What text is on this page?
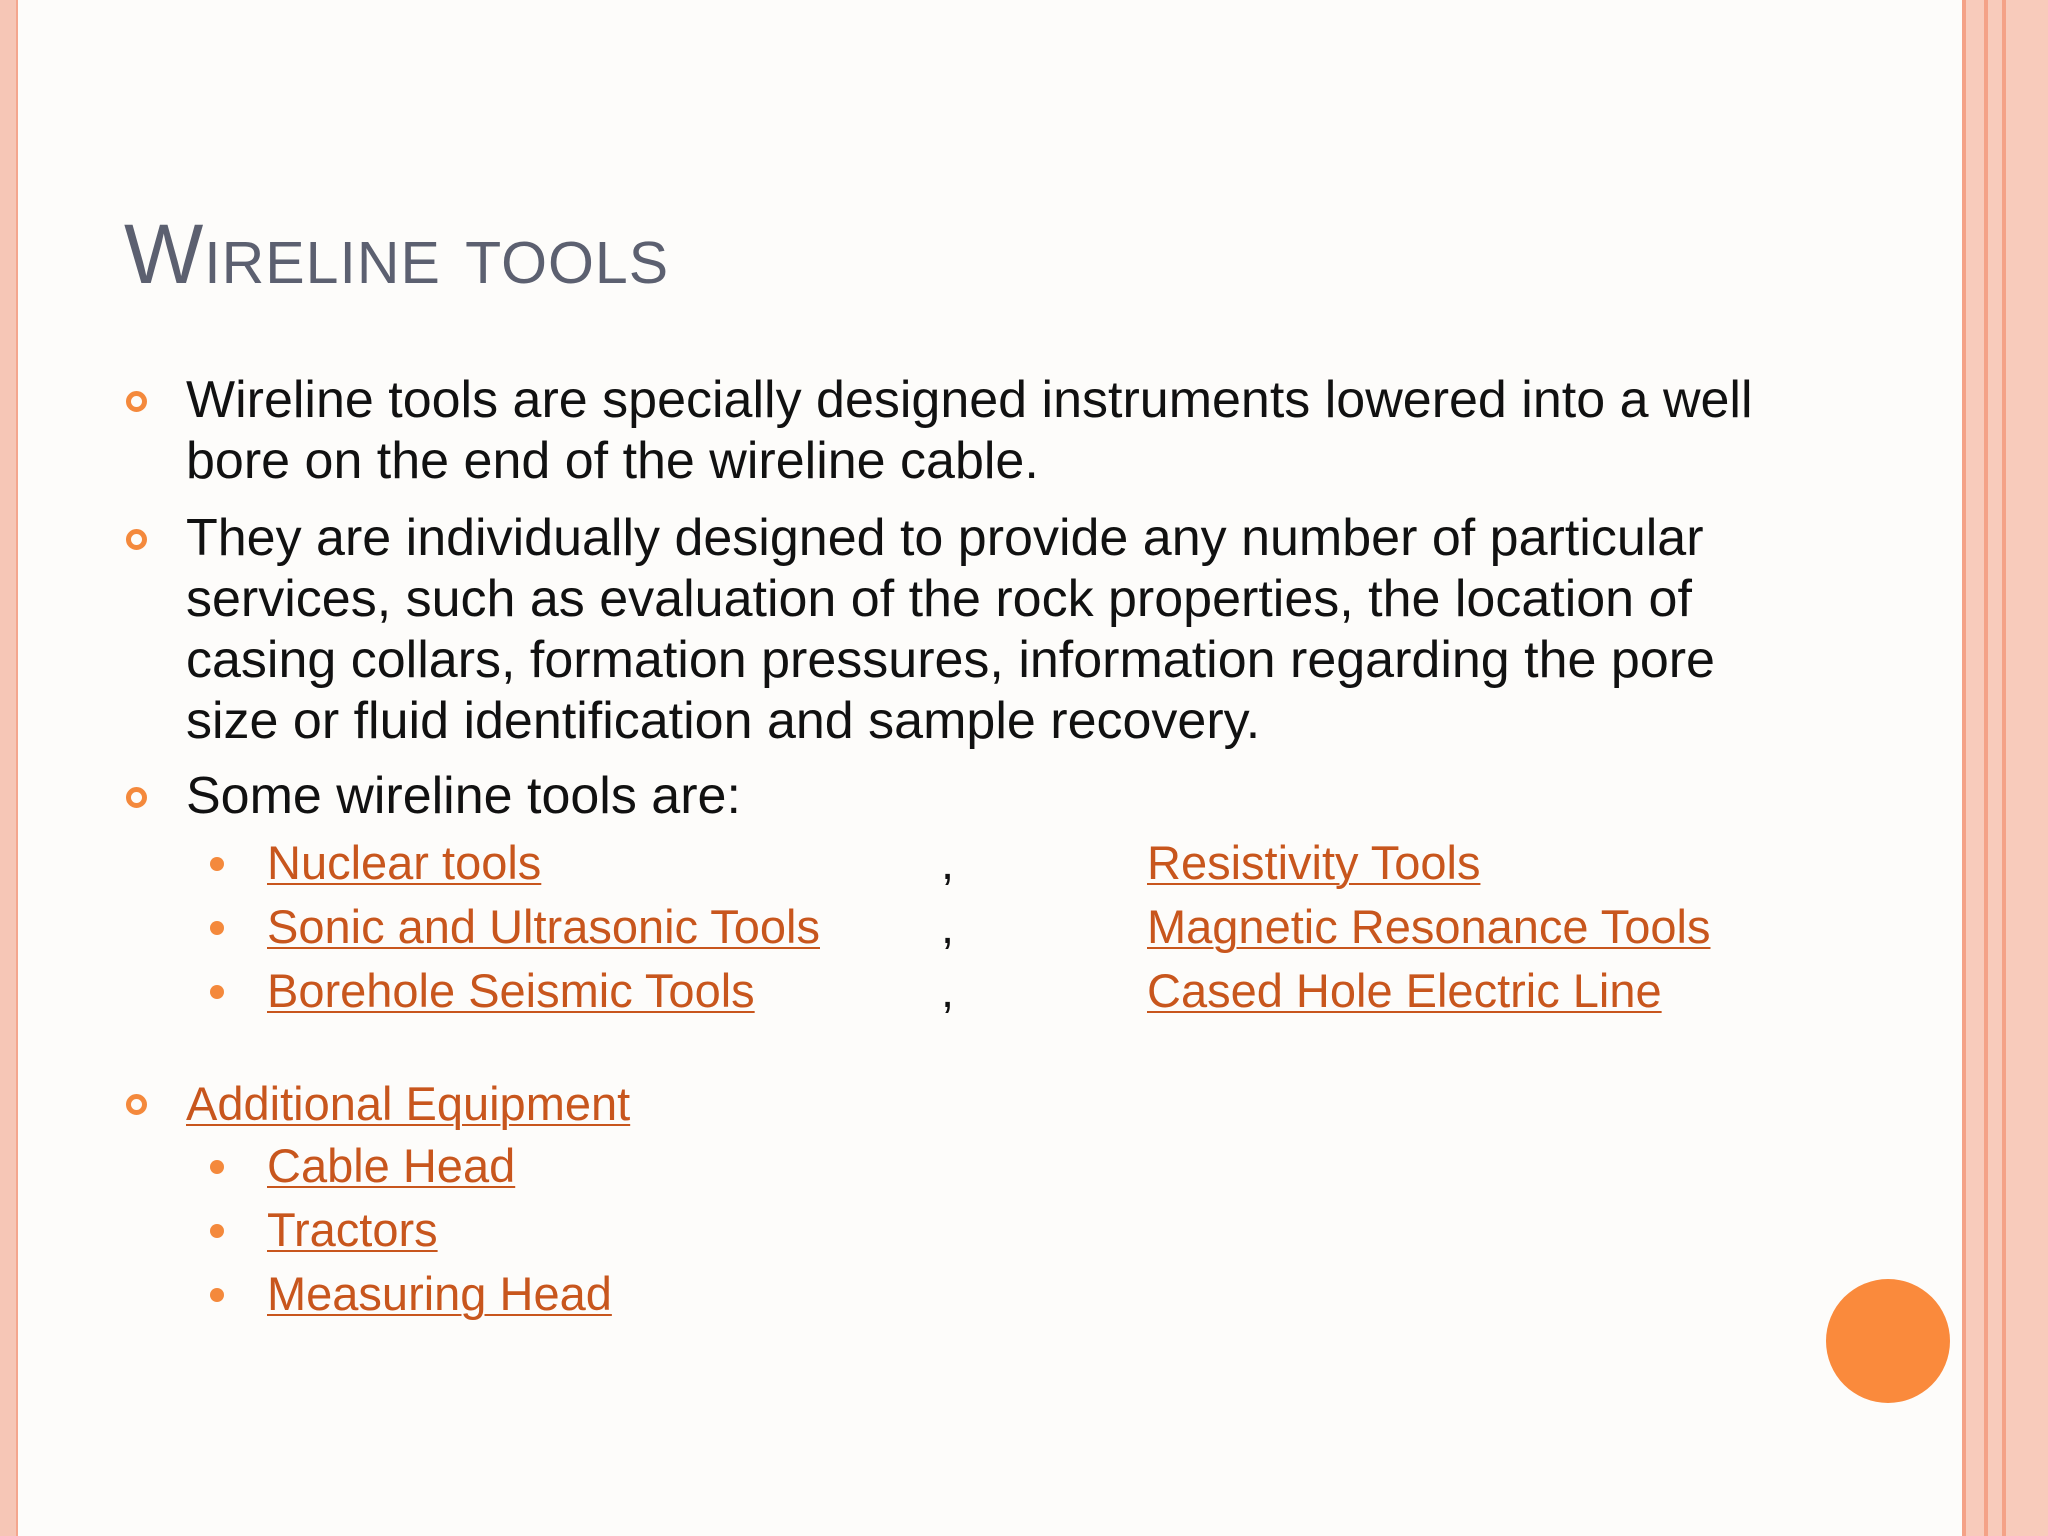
Wireline tools
Wireline tools are specially designed instruments lowered into a well bore on the end of the wireline cable.
They are individually designed to provide any number of particular services, such as evaluation of the rock properties, the location of casing collars, formation pressures, information regarding the pore size or fluid identification and sample recovery.
Some wireline tools are:
Nuclear tools	,	Resistivity Tools
Sonic and Ultrasonic Tools	,	Magnetic Resonance Tools
Borehole Seismic Tools	,	Cased Hole Electric Line
Additional Equipment
Cable Head
Tractors
Measuring Head
